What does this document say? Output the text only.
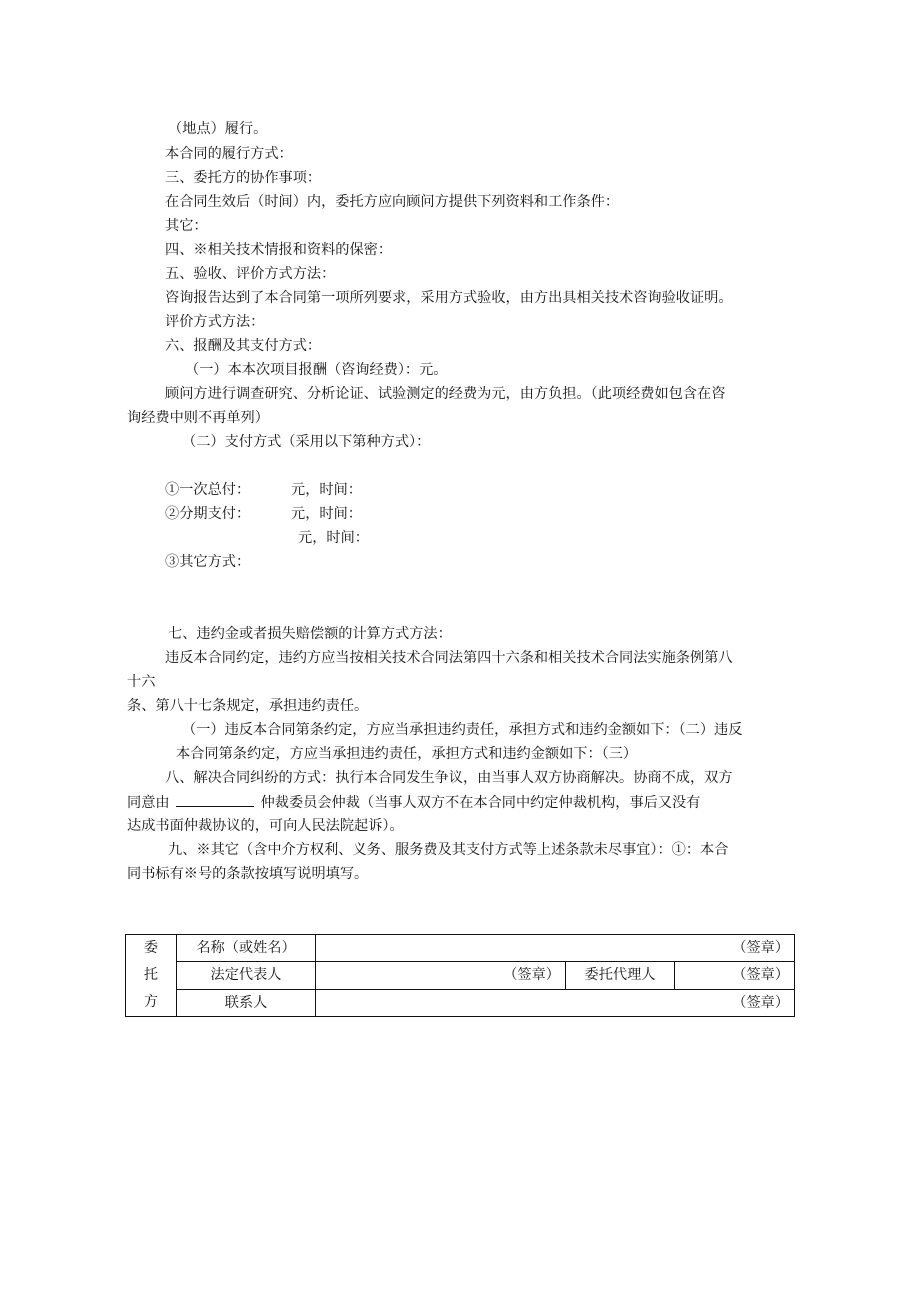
（地点）履行。

本合同的履行方式：

三、委托方的协作事项：

在合同生效后（时间）内，委托方应向顾问方提供下列资料和工作条件：

其它：

四、※相关技术情报和资料的保密：

五、验收、评价方式方法：

咨询报告达到了本合同第一项所列要求，采用方式验收，由方出具相关技术咨询验收证明。

评价方式方法：

六、报酬及其支付方式：

（一）本本次项目报酬（咨询经费）：元。

顾问方进行调查研究、分析论证、试验测定的经费为元，由方负担。（此项经费如包含在咨

询经费中则不再单列）

（二）支付方式（采用以下第种方式）：

①一次总付：	元，时间：

②分期支付：	元，时间：

元，时间：

③其它方式：

七、违约金或者损失赔偿额的计算方式方法：

违反本合同约定，违约方应当按相关技术合同法第四十六条和相关技术合同法实施条例第八

十六

条、第八十七条规定，承担违约责任。

（一）违反本合同第条约定，方应当承担违约责任，承担方式和违约金额如下：（二）违反

本合同第条约定，方应当承担违约责任，承担方式和违约金额如下：（三）

八、解决合同纠纷的方式：执行本合同发生争议，由当事人双方协商解决。协商不成，双方

同意由	仲裁委员会仲裁（当事人双方不在本合同中约定仲裁机构，事后又没有

达成书面仲裁协议的，可向人民法院起诉）。

九、※其它（含中介方权利、义务、服务费及其支付方式等上述条款未尽事宜）：①：本合

同书标有※号的条款按填写说明填写。

委
托
方	名称（或姓名）	（签章）		
	法定代表人	（签章）	委托代理人	（签章）
	联系人	（签章）		
